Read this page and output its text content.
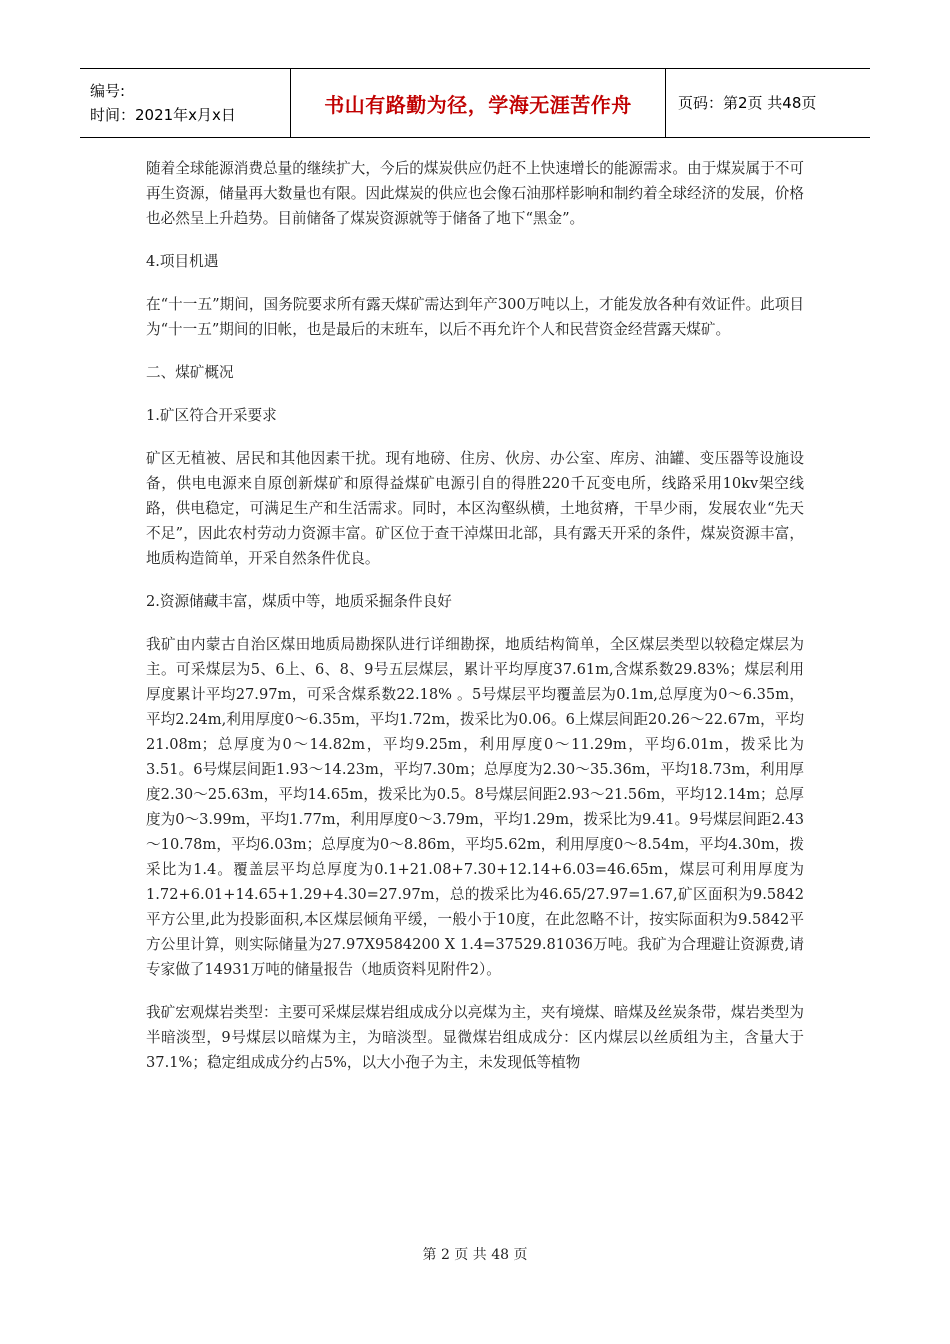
编号:
时间：2021年x月x日	书山有路勤为径，学海无涯苦作舟	页码：第2页 共48页

随着全球能源消费总量的继续扩大，今后的煤炭供应仍赶不上快速增长的能源需求。由于煤炭属于不可再生资源，储量再大数量也有限。因此煤炭的供应也会像石油那样影响和制约着全球经济的发展，价格也必然呈上升趋势。目前储备了煤炭资源就等于储备了地下“黑金”。

4.项目机遇

在“十一五”期间，国务院要求所有露天煤矿需达到年产300万吨以上，才能发放各种有效证件。此项目为“十一五”期间的旧帐，也是最后的末班车，以后不再允许个人和民营资金经营露天煤矿。

二、煤矿概况

1.矿区符合开采要求

矿区无植被、居民和其他因素干扰。现有地磅、住房、伙房、办公室、库房、油罐、变压器等设施设备，供电电源来自原创新煤矿和原得益煤矿电源引自的得胜220千瓦变电所，线路采用10kv架空线路，供电稳定，可满足生产和生活需求。同时，本区沟壑纵横，土地贫瘠，干旱少雨，发展农业“先天不足”，因此农村劳动力资源丰富。矿区位于查干淖煤田北部，具有露天开采的条件，煤炭资源丰富，地质构造简单，开采自然条件优良。

2.资源储藏丰富，煤质中等，地质采掘条件良好

我矿由内蒙古自治区煤田地质局勘探队进行详细勘探，地质结构简单，全区煤层类型以较稳定煤层为主。可采煤层为5、6上、6、8、9号五层煤层，累计平均厚度37.61m,含煤系数29.83%；煤层利用厚度累计平均27.97m，可采含煤系数22.18% 。5号煤层平均覆盖层为0.1m,总厚度为0～6.35m，平均2.24m,利用厚度0～6.35m，平均1.72m，拨采比为0.06。6上煤层间距20.26～22.67m，平均21.08m；总厚度为0～14.82m，平均9.25m，利用厚度0～11.29m，平均6.01m，拨采比为3.51。6号煤层间距1.93～14.23m，平均7.30m；总厚度为2.30～35.36m，平均18.73m，利用厚度2.30～25.63m，平均14.65m，拨采比为0.5。8号煤层间距2.93～21.56m，平均12.14m；总厚度为0～3.99m，平均1.77m，利用厚度0～3.79m，平均1.29m，拨采比为9.41。9号煤层间距2.43～10.78m，平均6.03m；总厚度为0～8.86m，平均5.62m，利用厚度0～8.54m，平均4.30m，拨采比为1.4。覆盖层平均总厚度为0.1+21.08+7.30+12.14+6.03=46.65m，煤层可利用厚度为1.72+6.01+14.65+1.29+4.30=27.97m，总的拨采比为46.65/27.97=1.67,矿区面积为9.5842平方公里,此为投影面积,本区煤层倾角平缓，一般小于10度，在此忽略不计，按实际面积为9.5842平方公里计算，则实际储量为27.97X9584200 X 1.4=37529.81036万吨。我矿为合理避让资源费,请专家做了14931万吨的储量报告（地质资料见附件2）。

我矿宏观煤岩类型：主要可采煤层煤岩组成成分以亮煤为主，夹有境煤、暗煤及丝炭条带，煤岩类型为半暗淡型，9号煤层以暗煤为主，为暗淡型。显微煤岩组成成分：区内煤层以丝质组为主，含量大于37.1%；稳定组成成分约占5%，以大小孢子为主，未发现低等植物

第 2 页 共 48 页
